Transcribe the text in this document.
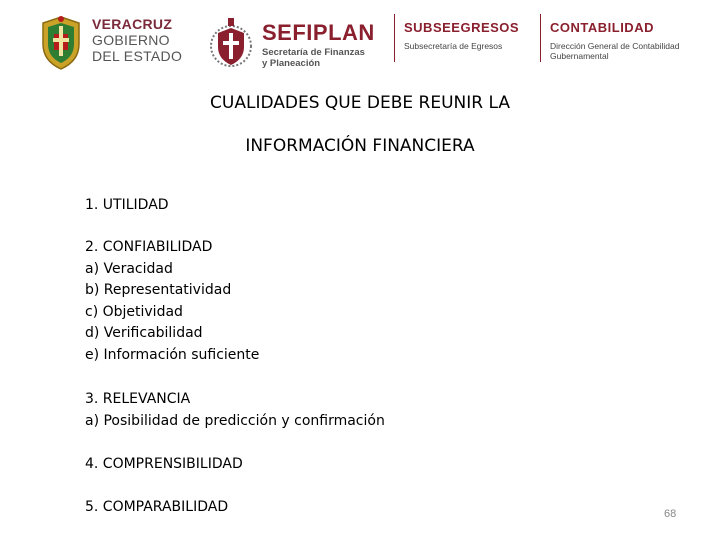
VERACRUZ
GOBIERNO
DEL ESTADO
SEFIPLAN
Secretaría de Finanzas
y Planeación
SUBSEEGRESOS
Subsecretaría de Egresos
CONTABILIDAD
Dirección General de Contabilidad
Gubernamental
CUALIDADES QUE DEBE REUNIR LA
INFORMACIÓN FINANCIERA
1. UTILIDAD
2. CONFIABILIDAD
a) Veracidad
b) Representatividad
c) Objetividad
d) Verificabilidad
e) Información suficiente
3. RELEVANCIA
a) Posibilidad de predicción y confirmación
4. COMPRENSIBILIDAD
5. COMPARABILIDAD	68
